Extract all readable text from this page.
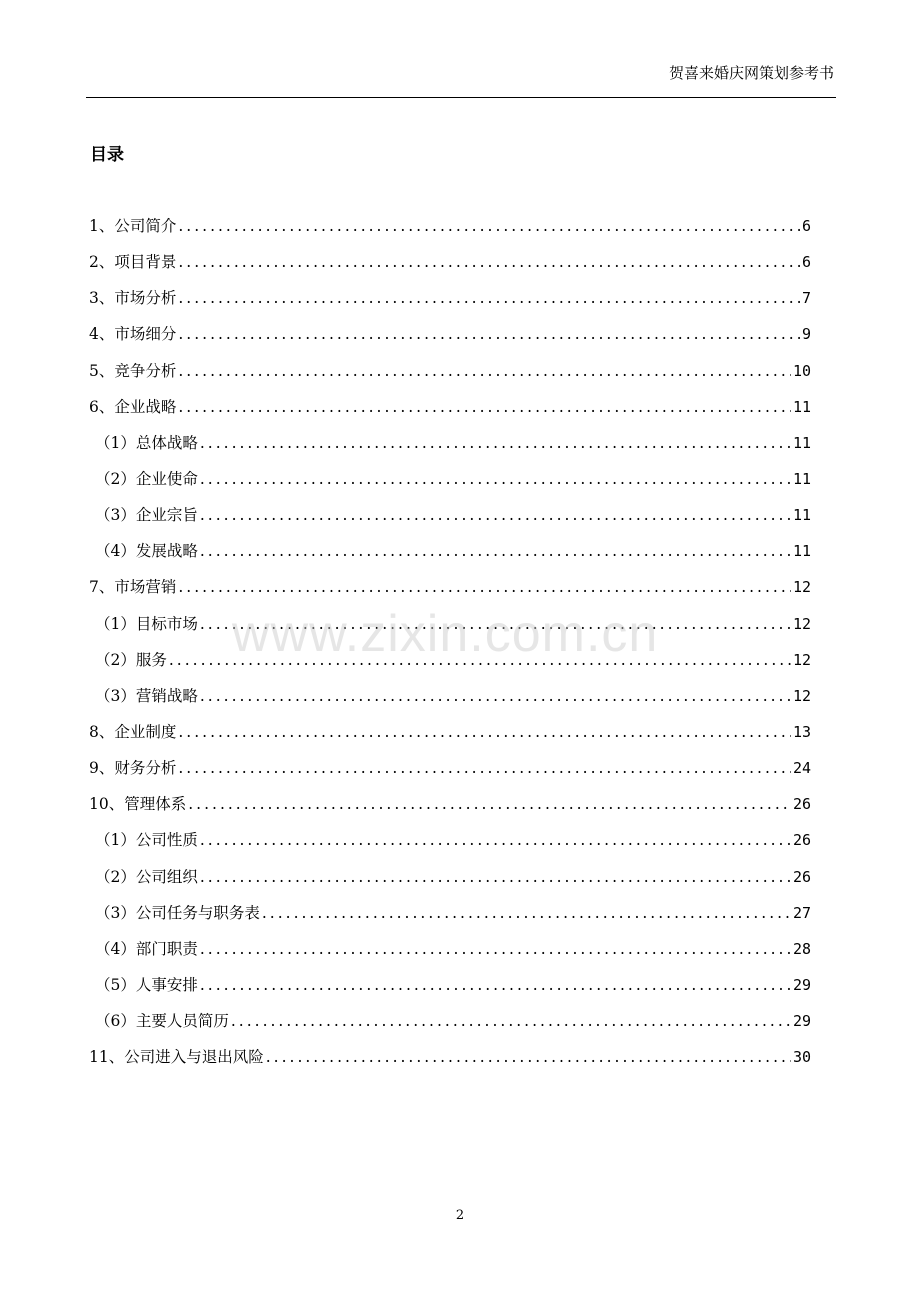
贺喜来婚庆网策划参考书
目录
1、公司简介 .....	6
2、项目背景 .....	6
3、市场分析 .....	7
4、市场细分 .....	9
5、竞争分析 .....	10
6、企业战略 .....	11
（1）总体战略 .....	11
（2）企业使命 .....	11
（3）企业宗旨 .....	11
（4）发展战略 .....	11
7、市场营销 .....	12
（1）目标市场 .....	12
（2）服务 .....	12
（3）营销战略 .....	12
8、企业制度 .....	13
9、财务分析 .....	24
10、管理体系 .....	26
（1）公司性质 .....	26
（2）公司组织 .....	26
（3）公司任务与职务表 .....	27
（4）部门职责 .....	28
（5）人事安排 .....	29
（6）主要人员简历 .....	29
11、公司进入与退出风险 .....	30
www.zixin.com.cn
2
